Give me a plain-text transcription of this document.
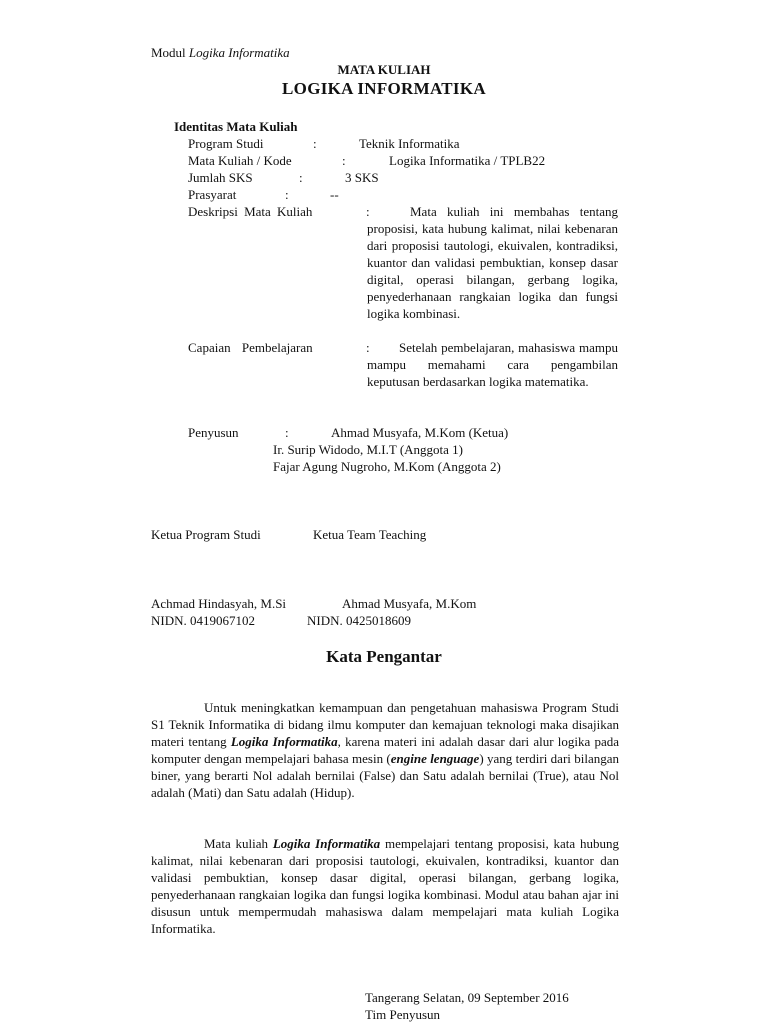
Modul Logika Informatika
MATA KULIAH
LOGIKA INFORMATIKA
Identitas Mata Kuliah
Program Studi	:	Teknik Informatika
Mata Kuliah / Kode	:	Logika Informatika / TPLB22
Jumlah SKS	:	3 SKS
Prasyarat	:	--
Deskripsi Mata Kuliah	:	Mata kuliah ini membahas tentang proposisi, kata hubung kalimat, nilai kebenaran dari proposisi tautologi, ekuivalen, kontradiksi, kuantor dan validasi pembuktian, konsep dasar digital, operasi bilangan, gerbang logika, penyederhanaan rangkaian logika dan fungsi logika kombinasi.
Capaian Pembelajaran	:	Setelah pembelajaran, mahasiswa mampu mampu memahami cara pengambilan keputusan berdasarkan logika matematika.
Penyusun	:	Ahmad Musyafa, M.Kom (Ketua)
Ir. Surip Widodo, M.I.T (Anggota 1)
Fajar Agung Nugroho, M.Kom (Anggota 2)
Ketua Program Studi	Ketua Team Teaching
Achmad Hindasyah, M.Si	Ahmad Musyafa, M.Kom
NIDN. 0419067102	NIDN. 0425018609
Kata Pengantar
Untuk meningkatkan kemampuan dan pengetahuan mahasiswa Program Studi S1 Teknik Informatika di bidang ilmu komputer dan kemajuan teknologi maka disajikan materi tentang Logika Informatika, karena materi ini adalah dasar dari alur logika pada komputer dengan mempelajari bahasa mesin (engine lenguage) yang terdiri dari bilangan biner, yang berarti Nol adalah bernilai (False) dan Satu adalah bernilai (True), atau Nol adalah (Mati) dan Satu adalah (Hidup).
Mata kuliah Logika Informatika mempelajari tentang proposisi, kata hubung kalimat, nilai kebenaran dari proposisi tautologi, ekuivalen, kontradiksi, kuantor dan validasi pembuktian, konsep dasar digital, operasi bilangan, gerbang logika, penyederhanaan rangkaian logika dan fungsi logika kombinasi. Modul atau bahan ajar ini disusun untuk mempermudah mahasiswa dalam mempelajari mata kuliah Logika Informatika.
Tangerang Selatan, 09 September 2016
Tim Penyusun
